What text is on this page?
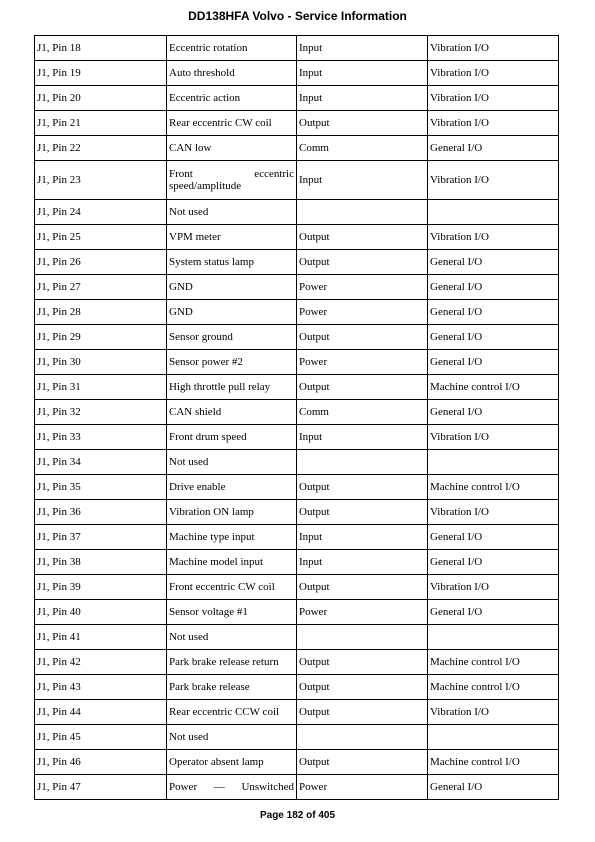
DD138HFA Volvo - Service Information
J1, Pin 18	Eccentric rotation	Input	Vibration I/O
J1, Pin 19	Auto threshold	Input	Vibration I/O
J1, Pin 20	Eccentric action	Input	Vibration I/O
J1, Pin 21	Rear eccentric CW coil	Output	Vibration I/O
J1, Pin 22	CAN low	Comm	General I/O
J1, Pin 23	Front eccentric speed/amplitude	Input	Vibration I/O
J1, Pin 24	Not used		
J1, Pin 25	VPM meter	Output	Vibration I/O
J1, Pin 26	System status lamp	Output	General I/O
J1, Pin 27	GND	Power	General I/O
J1, Pin 28	GND	Power	General I/O
J1, Pin 29	Sensor ground	Output	General I/O
J1, Pin 30	Sensor power #2	Power	General I/O
J1, Pin 31	High throttle pull relay	Output	Machine control I/O
J1, Pin 32	CAN shield	Comm	General I/O
J1, Pin 33	Front drum speed	Input	Vibration I/O
J1, Pin 34	Not used		
J1, Pin 35	Drive enable	Output	Machine control I/O
J1, Pin 36	Vibration ON lamp	Output	Vibration I/O
J1, Pin 37	Machine type input	Input	General I/O
J1, Pin 38	Machine model input	Input	General I/O
J1, Pin 39	Front eccentric CW coil	Output	Vibration I/O
J1, Pin 40	Sensor voltage #1	Power	General I/O
J1, Pin 41	Not used		
J1, Pin 42	Park brake release return	Output	Machine control I/O
J1, Pin 43	Park brake release	Output	Machine control I/O
J1, Pin 44	Rear eccentric CCW coil	Output	Vibration I/O
J1, Pin 45	Not used		
J1, Pin 46	Operator absent lamp	Output	Machine control I/O
J1, Pin 47	Power — Unswitched	Power	General I/O
Page 182 of 405
